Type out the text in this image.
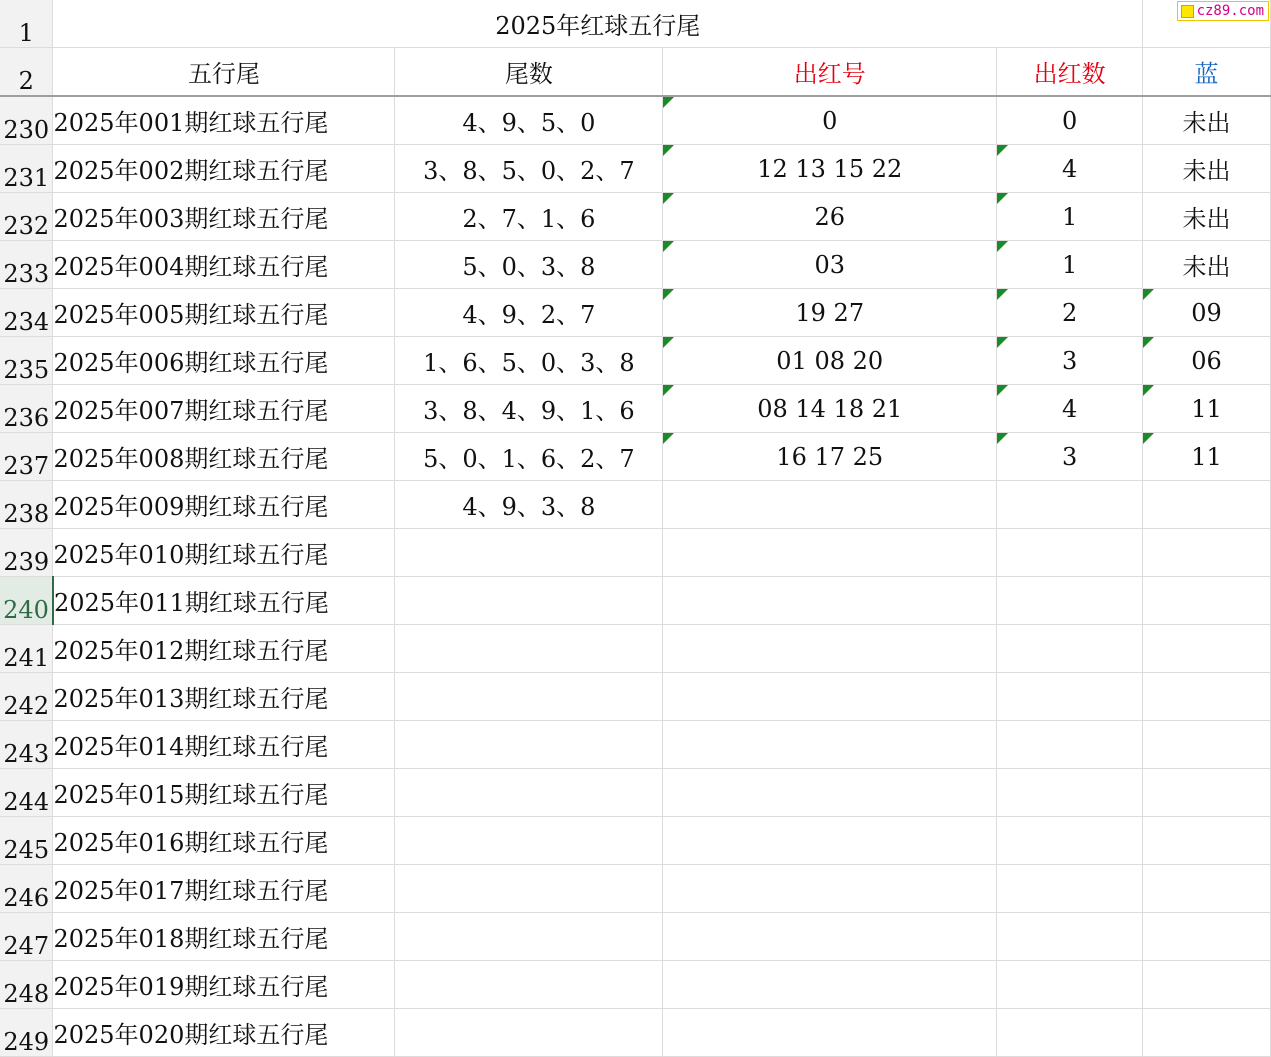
1	2025年红球五行尾				

2	五行尾	尾数	出红号	出红数	蓝

230	2025年001期红球五行尾	4、9、5、0	0	0	未出

231	2025年002期红球五行尾	3、8、5、0、2、7	12 13 15 22	4	未出

232	2025年003期红球五行尾	2、7、1、6	26	1	未出

233	2025年004期红球五行尾	5、0、3、8	03	1	未出

234	2025年005期红球五行尾	4、9、2、7	19 27	2	09

235	2025年006期红球五行尾	1、6、5、0、3、8	01 08 20	3	06

236	2025年007期红球五行尾	3、8、4、9、1、6	08 14 18 21	4	11

237	2025年008期红球五行尾	5、0、1、6、2、7	16 17 25	3	11

238	2025年009期红球五行尾	4、9、3、8			

239	2025年010期红球五行尾				

240	2025年011期红球五行尾				

241	2025年012期红球五行尾				

242	2025年013期红球五行尾				

243	2025年014期红球五行尾				

244	2025年015期红球五行尾				

245	2025年016期红球五行尾				

246	2025年017期红球五行尾				

247	2025年018期红球五行尾				

248	2025年019期红球五行尾				

249	2025年020期红球五行尾				
cz89.com
